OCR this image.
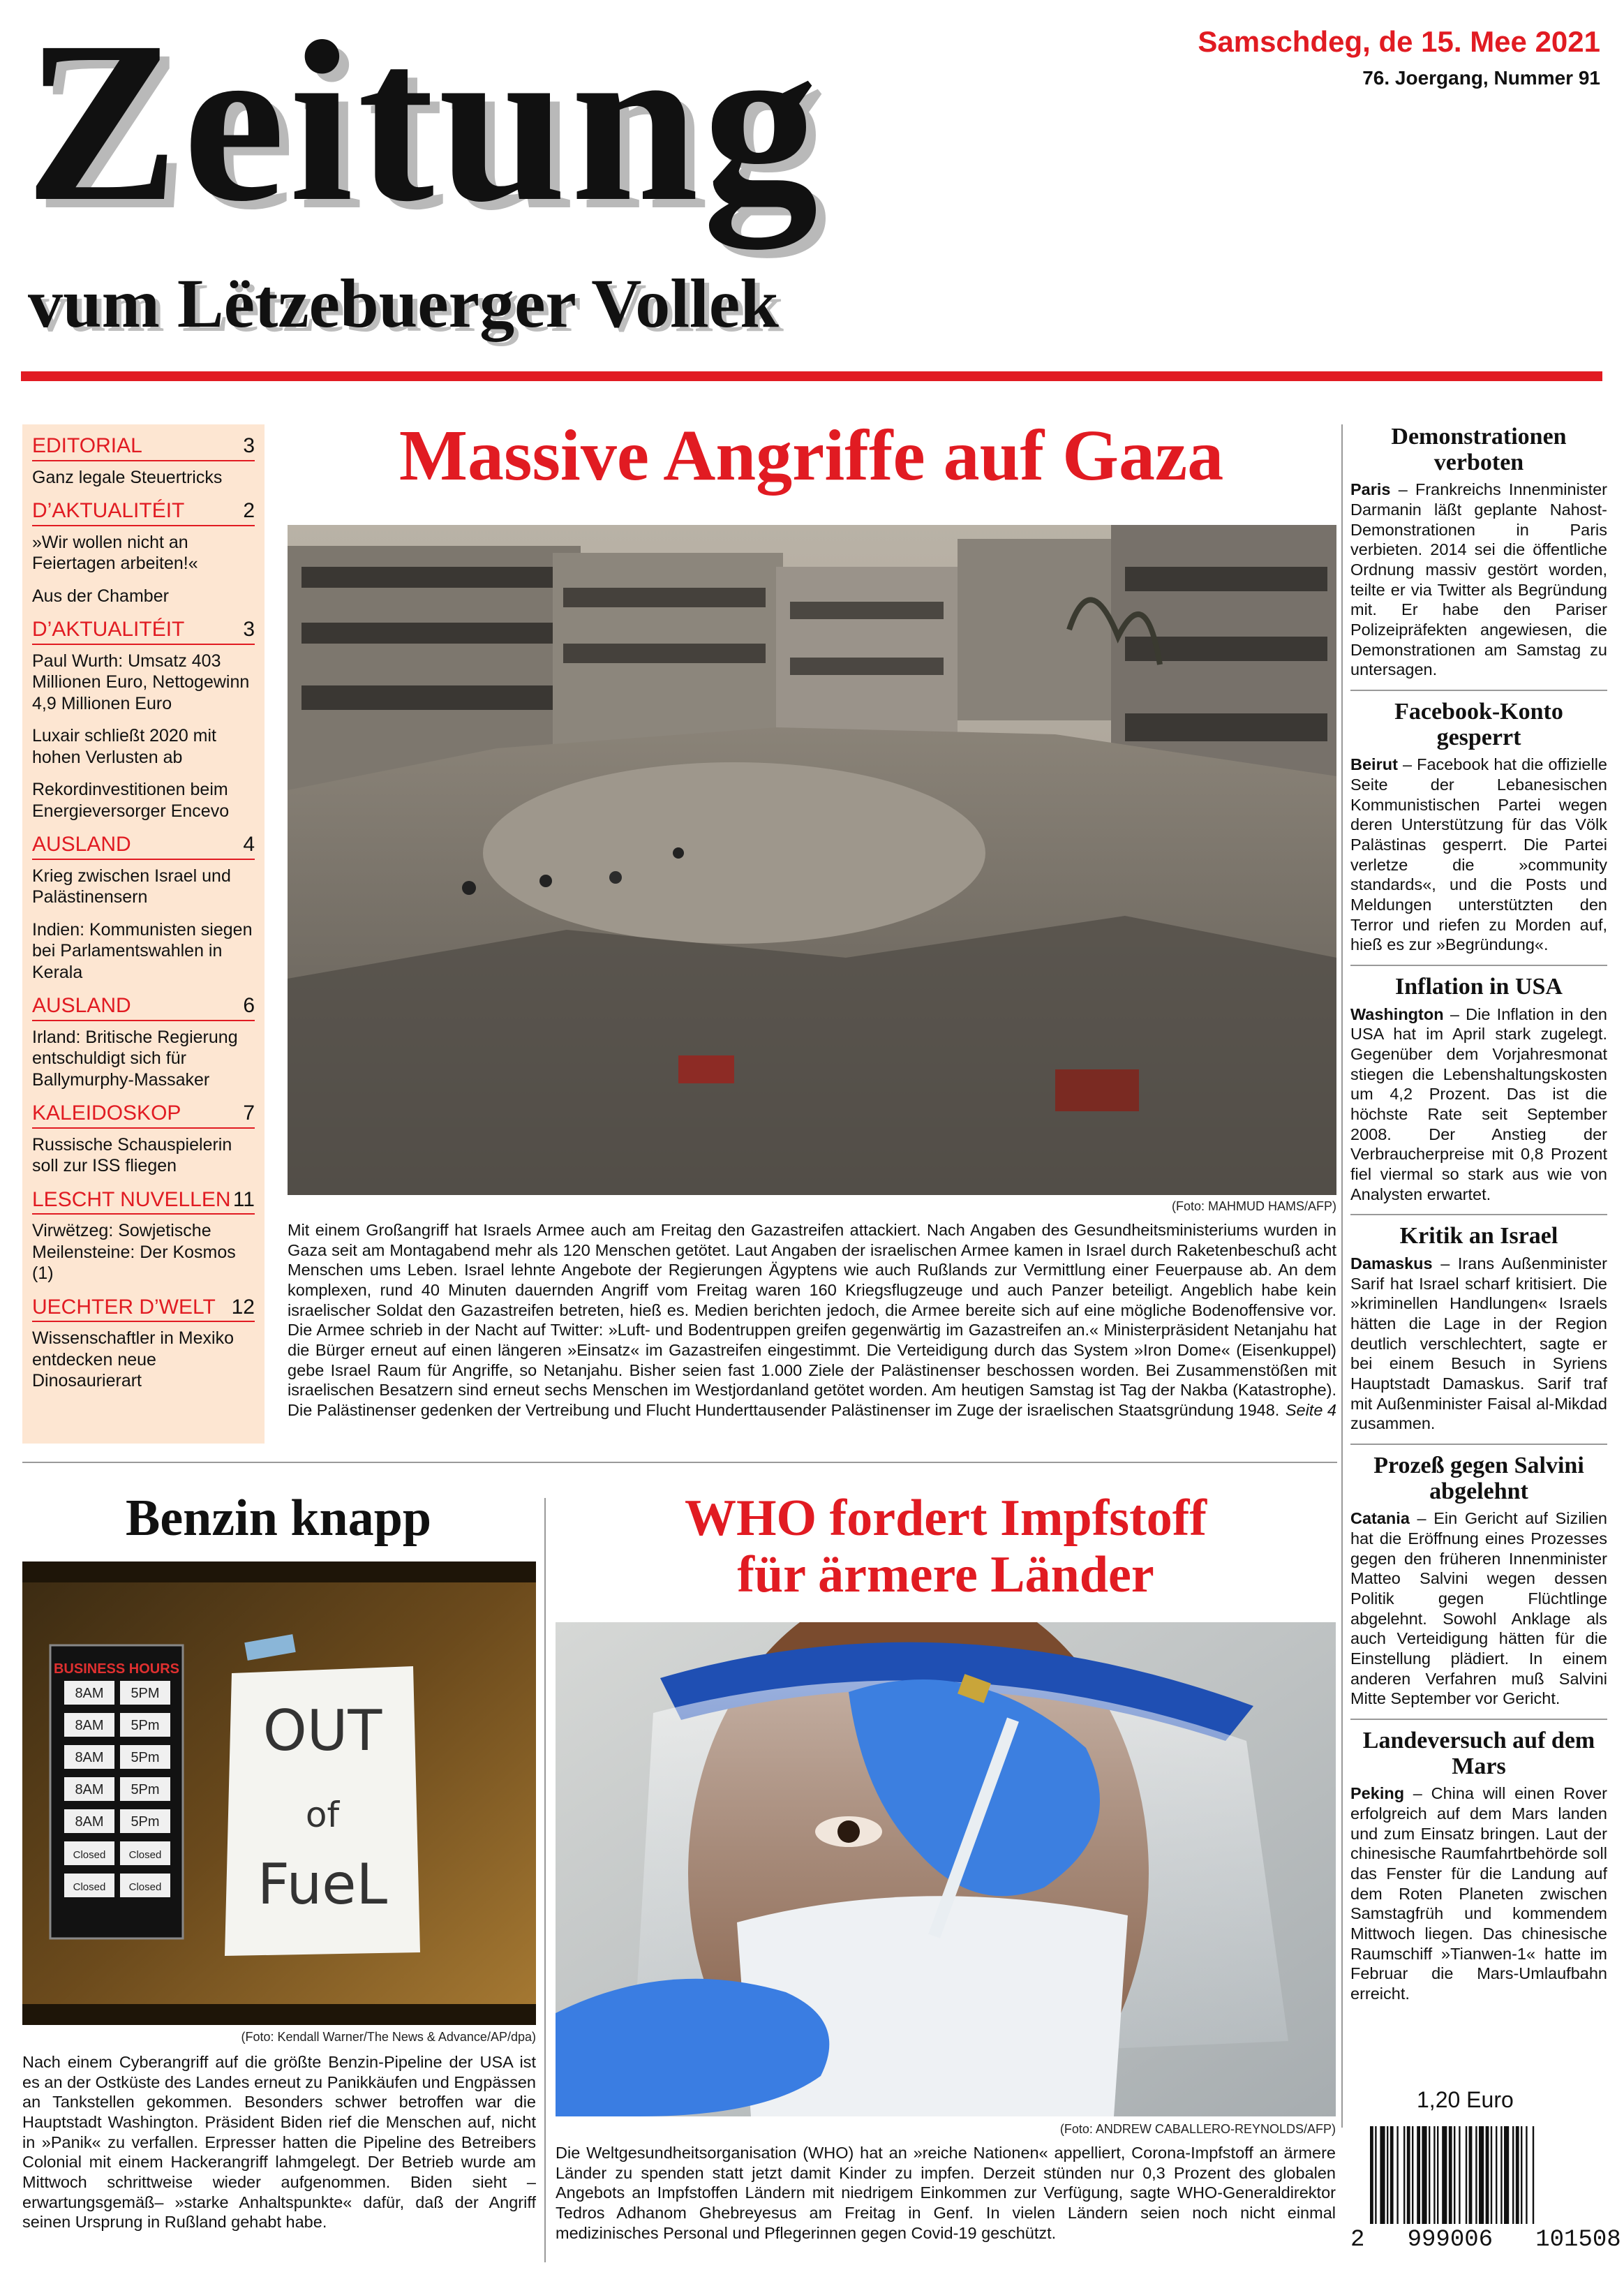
Zeitung
vum Lëtzebuerger Vollek
Samschdeg, de 15. Mee 2021
76. Joergang, Nummer 91
EDITORIAL	3
Ganz legale Steuertricks
D’AKTUALITÉIT	2
»Wir wollen nicht an Feiertagen arbeiten!«
Aus der Chamber
D’AKTUALITÉIT	3
Paul Wurth: Umsatz 403 Millionen Euro, Nettogewinn 4,9 Millionen Euro
Luxair schließt 2020 mit hohen Verlusten ab
Rekordinvestitionen beim Energieversorger Encevo
AUSLAND	4
Krieg zwischen Israel und Palästinensern
Indien: Kommunisten siegen bei Parlamentswahlen in Kerala
AUSLAND	6
Irland: Britische Regierung entschuldigt sich für Ballymurphy-Massaker
KALEIDOSKOP	7
Russische Schauspielerin soll zur ISS fliegen
LESCHT NUVELLEN 11
Virwëtzeg: Sowjetische Meilensteine: Der Kosmos (1)
UECHTER D’WELT 12
Wissenschaftler in Mexiko entdecken neue Dinosaurierart
Massive Angriffe auf Gaza
(Foto: MAHMUD HAMS/AFP)
Mit einem Großangriff hat Israels Armee auch am Freitag den Gazastreifen attackiert. Nach Angaben des Gesundheitsministeriums wurden in Gaza seit am Montagabend mehr als 120 Menschen getötet. Laut Angaben der israelischen Armee kamen in Israel durch Raketenbeschuß acht Menschen ums Leben. Israel lehnte Angebote der Regierungen Ägyptens wie auch Rußlands zur Vermittlung einer Feuerpause ab. An dem komplexen, rund 40 Minuten dauernden Angriff vom Freitag waren 160 Kriegsflugzeuge und auch Panzer beteiligt. Angeblich habe kein israelischer Soldat den Gazastreifen betreten, hieß es. Medien berichten jedoch, die Armee bereite sich auf eine mögliche Bodenoffensive vor. Die Armee schrieb in der Nacht auf Twitter: »Luft- und Bodentruppen greifen gegenwärtig im Gazastreifen an.« Ministerpräsident Netanjahu hat die Bürger erneut auf einen längeren »Einsatz« im Gazastreifen eingestimmt. Die Verteidigung durch das System »Iron Dome« (Eisenkuppel) gebe Israel Raum für Angriffe, so Netanjahu. Bisher seien fast 1.000 Ziele der Palästinenser beschossen worden. Bei Zusammenstößen mit israelischen Besatzern sind erneut sechs Menschen im Westjordanland getötet worden. Am heutigen Samstag ist Tag der Nakba (Katastrophe). Die Palästinenser gedenken der Vertreibung und Flucht Hunderttausender Palästinenser im Zuge der israelischen Staatsgründung 1948. Seite 4
Benzin knapp
BUSINESS HOURS
8AM 5PM
8AM 5Pm
8AM 5Pm
8AM 5Pm
8AM 5Pm
Closed Closed
Closed Closed
OUT
of
FueL
(Foto: Kendall Warner/The News & Advance/AP/dpa)
Nach einem Cyberangriff auf die größte Benzin-Pipeline der USA ist es an der Ostküste des Landes erneut zu Panikkäufen und Engpässen an Tankstellen gekommen. Besonders schwer betroffen war die Hauptstadt Washington. Präsident Biden rief die Menschen auf, nicht in »Panik« zu verfallen. Erpresser hatten die Pipeline des Betreibers Colonial mit einem Hackerangriff lahmgelegt. Der Betrieb wurde am Mittwoch schrittweise wieder aufgenommen. Biden sieht – erwartungsgemäß– »starke Anhaltspunkte« dafür, daß der Angriff seinen Ursprung in Rußland gehabt habe.
WHO fordert Impfstoff
für ärmere Länder
(Foto: ANDREW CABALLERO-REYNOLDS/AFP)
Die Weltgesundheitsorganisation (WHO) hat an »reiche Nationen« appelliert, Corona-Impfstoff an ärmere Länder zu spenden statt jetzt damit Kinder zu impfen. Derzeit stünden nur 0,3 Prozent des globalen Angebots an Impfstoffen Ländern mit niedrigem Einkommen zur Verfügung, sagte WHO-Generaldirektor Tedros Adhanom Ghebreyesus am Freitag in Genf. In vielen Ländern seien noch nicht einmal medizinisches Personal und Pflegerinnen gegen Covid-19 geschützt.
Demonstrationen verboten
Paris – Frankreichs Innenminister Darmanin läßt geplante Nahost-Demonstrationen in Paris verbieten. 2014 sei die öffentliche Ordnung massiv gestört worden, teilte er via Twitter als Begründung mit. Er habe den Pariser Polizeipräfekten angewiesen, die Demonstrationen am Samstag zu untersagen.
Facebook-Konto gesperrt
Beirut – Facebook hat die offizielle Seite der Lebanesischen Kommunistischen Partei wegen deren Unterstützung für das Völk Palästinas gesperrt. Die Partei verletze die »community standards«, und die Posts und Meldungen unterstützten den Terror und riefen zu Morden auf, hieß es zur »Begründung«.
Inflation in USA
Washington – Die Inflation in den USA hat im April stark zugelegt. Gegenüber dem Vorjahresmonat stiegen die Lebenshaltungskosten um 4,2 Prozent. Das ist die höchste Rate seit September 2008. Der Anstieg der Verbraucherpreise mit 0,8 Prozent fiel viermal so stark aus wie von Analysten erwartet.
Kritik an Israel
Damaskus – Irans Außenminister Sarif hat Israel scharf kritisiert. Die »kriminellen Handlungen« Israels hätten die Lage in der Region deutlich verschlechtert, sagte er bei einem Besuch in Syriens Hauptstadt Damaskus. Sarif traf mit Außenminister Faisal al-Mikdad zusammen.
Prozeß gegen Salvini abgelehnt
Catania – Ein Gericht auf Sizilien hat die Eröffnung eines Prozesses gegen den früheren Innenminister Matteo Salvini wegen dessen Politik gegen Flüchtlinge abgelehnt. Sowohl Anklage als auch Verteidigung hätten für die Einstellung plädiert. In einem anderen Verfahren muß Salvini Mitte September vor Gericht.
Landeversuch auf dem Mars
Peking – China will einen Rover erfolgreich auf dem Mars landen und zum Einsatz bringen. Laut der chinesische Raumfahrtbehörde soll das Fenster für die Landung auf dem Roten Planeten zwischen Samstagfrüh und kommendem Mittwoch liegen. Das chinesische Raumschiff »Tianwen-1« hatte im Februar die Mars-Umlaufbahn erreicht.
1,20 Euro
2   999006   101508
